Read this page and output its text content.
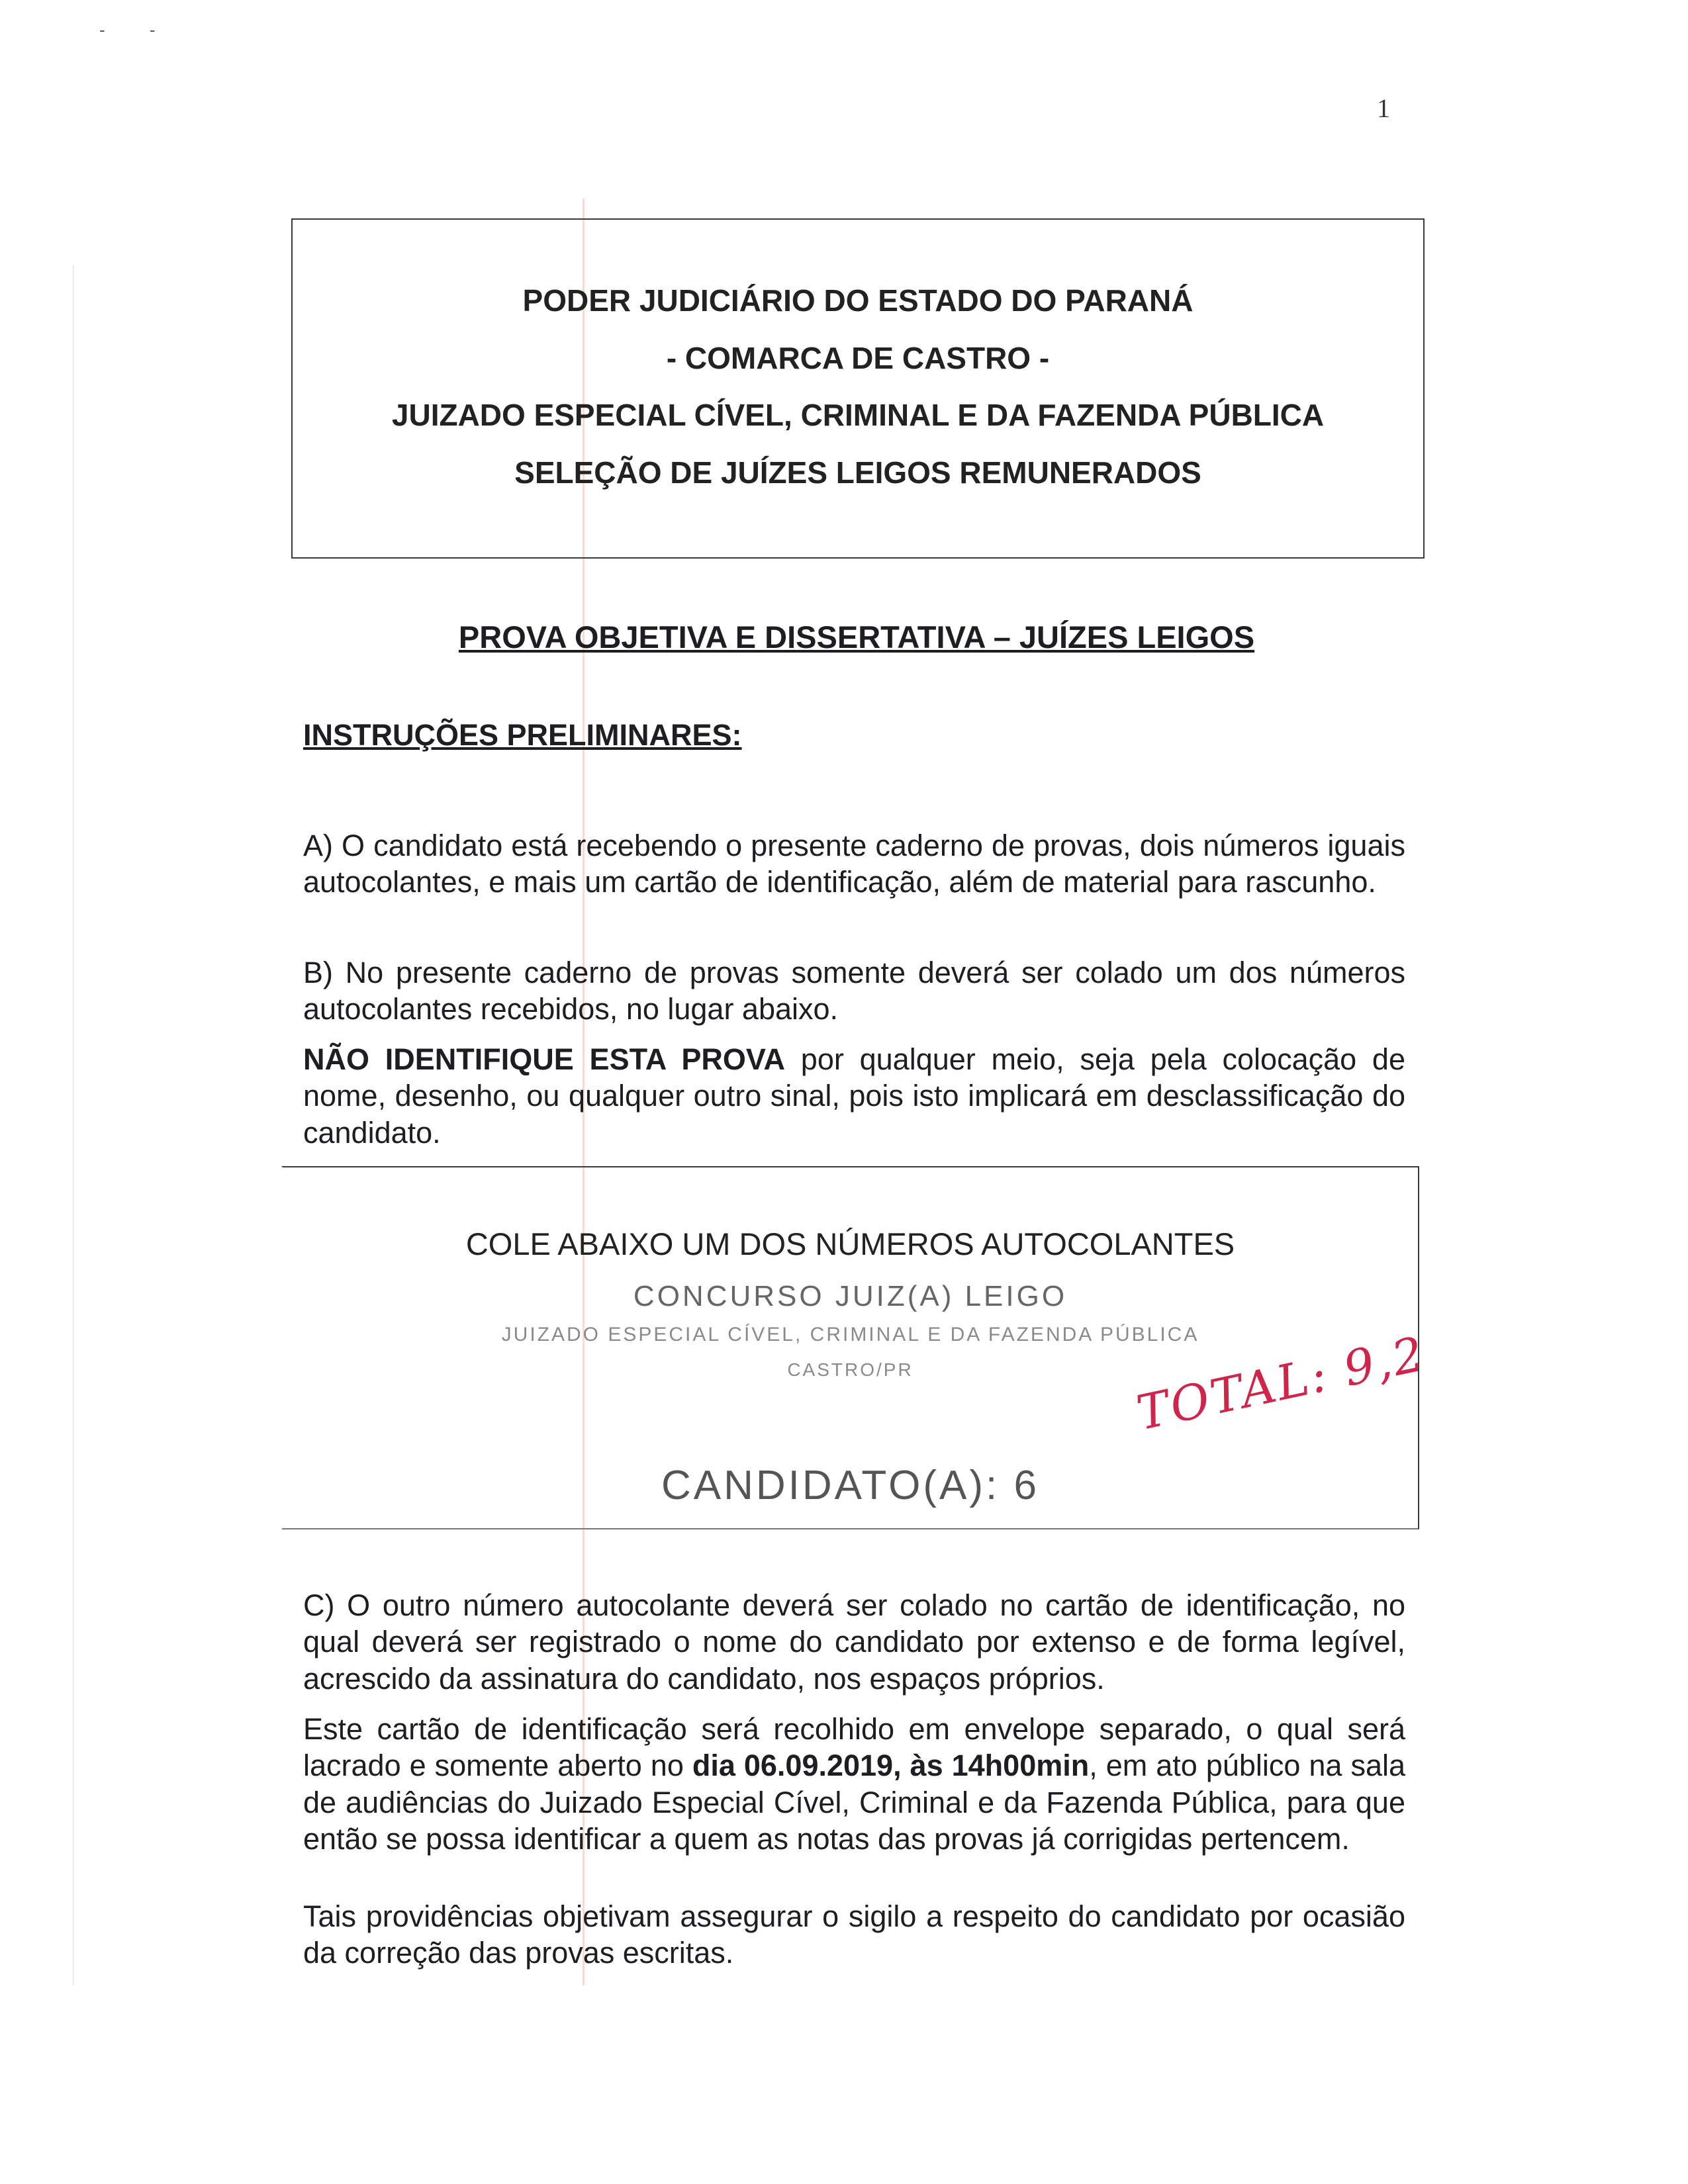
‐ ‐
1
PODER JUDICIÁRIO DO ESTADO DO PARANÁ
- COMARCA DE CASTRO -
JUIZADO ESPECIAL CÍVEL, CRIMINAL E DA FAZENDA PÚBLICA
SELEÇÃO DE JUÍZES LEIGOS REMUNERADOS
PROVA OBJETIVA E DISSERTATIVA – JUÍZES LEIGOS
INSTRUÇÕES PRELIMINARES:
A) O candidato está recebendo o presente caderno de provas, dois números iguais autocolantes, e mais um cartão de identificação, além de material para rascunho.
B) No presente caderno de provas somente deverá ser colado um dos números autocolantes recebidos, no lugar abaixo.
NÃO IDENTIFIQUE ESTA PROVA por qualquer meio, seja pela colocação de nome, desenho, ou qualquer outro sinal, pois isto implicará em desclassificação do candidato.
COLE ABAIXO UM DOS NÚMEROS AUTOCOLANTES
CONCURSO JUIZ(A) LEIGO
JUIZADO ESPECIAL CÍVEL, CRIMINAL E DA FAZENDA PÚBLICA
CASTRO/PR
CANDIDATO(A): 6
TOTAL: 9,2
C) O outro número autocolante deverá ser colado no cartão de identificação, no qual deverá ser registrado o nome do candidato por extenso e de forma legível, acrescido da assinatura do candidato, nos espaços próprios.
Este cartão de identificação será recolhido em envelope separado, o qual será lacrado e somente aberto no dia 06.09.2019, às 14h00min, em ato público na sala de audiências do Juizado Especial Cível, Criminal e da Fazenda Pública, para que então se possa identificar a quem as notas das provas já corrigidas pertencem.
Tais providências objetivam assegurar o sigilo a respeito do candidato por ocasião da correção das provas escritas.
